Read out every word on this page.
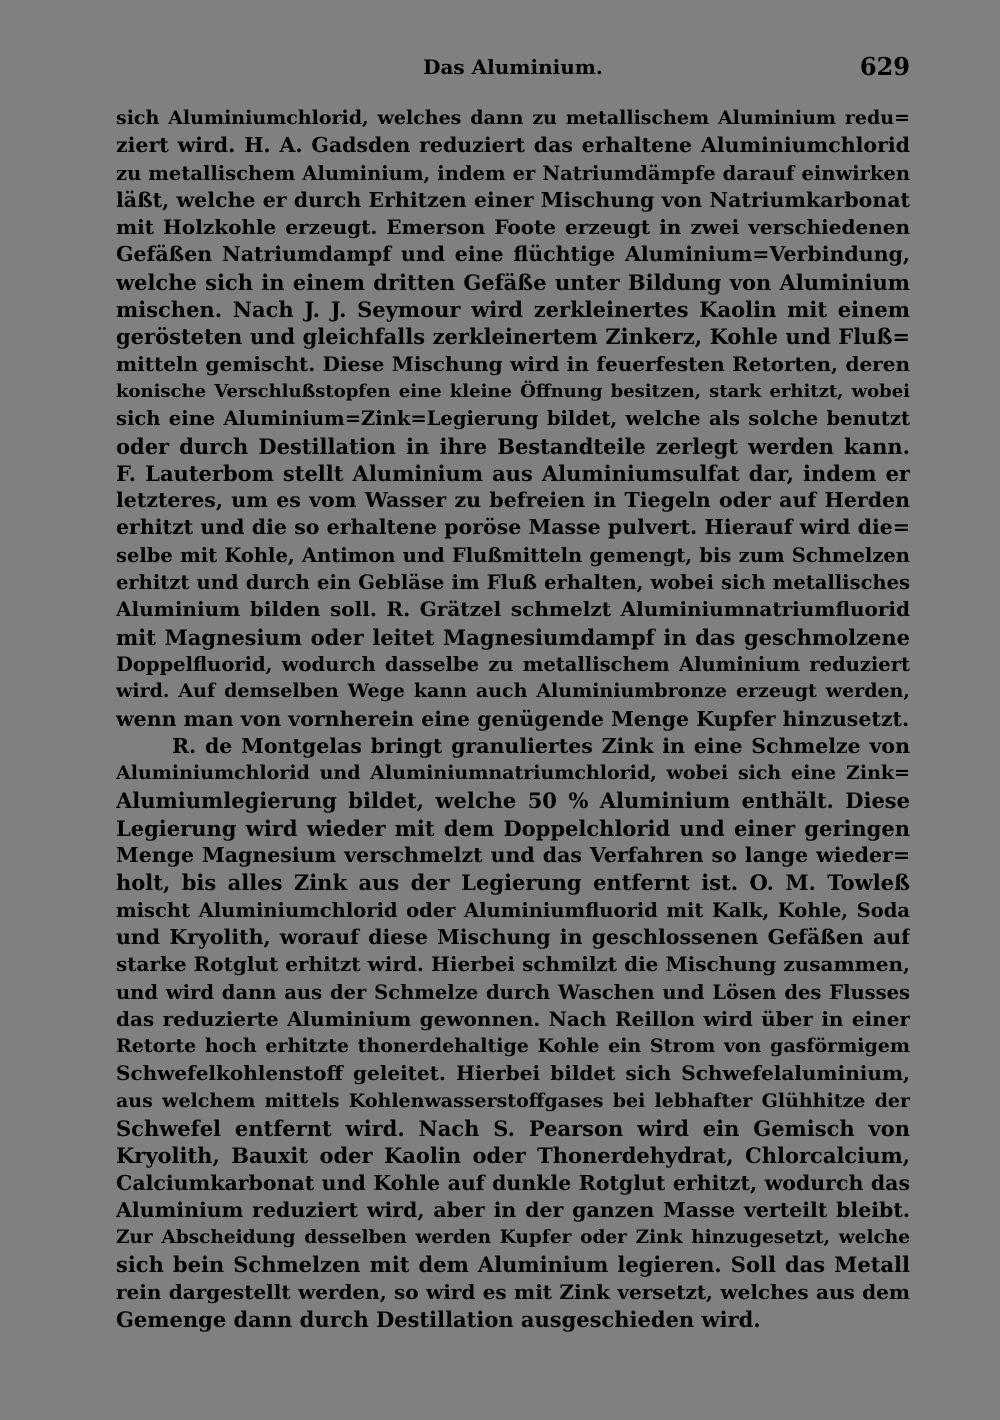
Das Aluminium.	629
sich Aluminiumchlorid, welches dann zu metallischem Aluminium redu=
ziert wird. H. A. Gadsden reduziert das erhaltene Aluminiumchlorid
zu metallischem Aluminium, indem er Natriumdämpfe darauf einwirken
läßt, welche er durch Erhitzen einer Mischung von Natriumkarbonat
mit Holzkohle erzeugt. Emerson Foote erzeugt in zwei verschiedenen
Gefäßen Natriumdampf und eine flüchtige Aluminium=Verbindung,
welche sich in einem dritten Gefäße unter Bildung von Aluminium
mischen. Nach J. J. Seymour wird zerkleinertes Kaolin mit einem
gerösteten und gleichfalls zerkleinertem Zinkerz, Kohle und Fluß=
mitteln gemischt. Diese Mischung wird in feuerfesten Retorten, deren
konische Verschlußstopfen eine kleine Öffnung besitzen, stark erhitzt, wobei
sich eine Aluminium=Zink=Legierung bildet, welche als solche benutzt
oder durch Destillation in ihre Bestandteile zerlegt werden kann.
F. Lauterbom stellt Aluminium aus Aluminiumsulfat dar, indem er
letzteres, um es vom Wasser zu befreien in Tiegeln oder auf Herden
erhitzt und die so erhaltene poröse Masse pulvert. Hierauf wird die=
selbe mit Kohle, Antimon und Flußmitteln gemengt, bis zum Schmelzen
erhitzt und durch ein Gebläse im Fluß erhalten, wobei sich metallisches
Aluminium bilden soll. R. Grätzel schmelzt Aluminiumnatriumfluorid
mit Magnesium oder leitet Magnesiumdampf in das geschmolzene
Doppelfluorid, wodurch dasselbe zu metallischem Aluminium reduziert
wird. Auf demselben Wege kann auch Aluminiumbronze erzeugt werden,
wenn man von vornherein eine genügende Menge Kupfer hinzusetzt.
R. de Montgelas bringt granuliertes Zink in eine Schmelze von
Aluminiumchlorid und Aluminiumnatriumchlorid, wobei sich eine Zink=
Alumiumlegierung bildet, welche 50 % Aluminium enthält. Diese
Legierung wird wieder mit dem Doppelchlorid und einer geringen
Menge Magnesium verschmelzt und das Verfahren so lange wieder=
holt, bis alles Zink aus der Legierung entfernt ist. O. M. Towleß
mischt Aluminiumchlorid oder Aluminiumfluorid mit Kalk, Kohle, Soda
und Kryolith, worauf diese Mischung in geschlossenen Gefäßen auf
starke Rotglut erhitzt wird. Hierbei schmilzt die Mischung zusammen,
und wird dann aus der Schmelze durch Waschen und Lösen des Flusses
das reduzierte Aluminium gewonnen. Nach Reillon wird über in einer
Retorte hoch erhitzte thonerdehaltige Kohle ein Strom von gasförmigem
Schwefelkohlenstoff geleitet. Hierbei bildet sich Schwefelaluminium,
aus welchem mittels Kohlenwasserstoffgases bei lebhafter Glühhitze der
Schwefel entfernt wird. Nach S. Pearson wird ein Gemisch von
Kryolith, Bauxit oder Kaolin oder Thonerdehydrat, Chlorcalcium,
Calciumkarbonat und Kohle auf dunkle Rotglut erhitzt, wodurch das
Aluminium reduziert wird, aber in der ganzen Masse verteilt bleibt.
Zur Abscheidung desselben werden Kupfer oder Zink hinzugesetzt, welche
sich bein Schmelzen mit dem Aluminium legieren. Soll das Metall
rein dargestellt werden, so wird es mit Zink versetzt, welches aus dem
Gemenge dann durch Destillation ausgeschieden wird.
